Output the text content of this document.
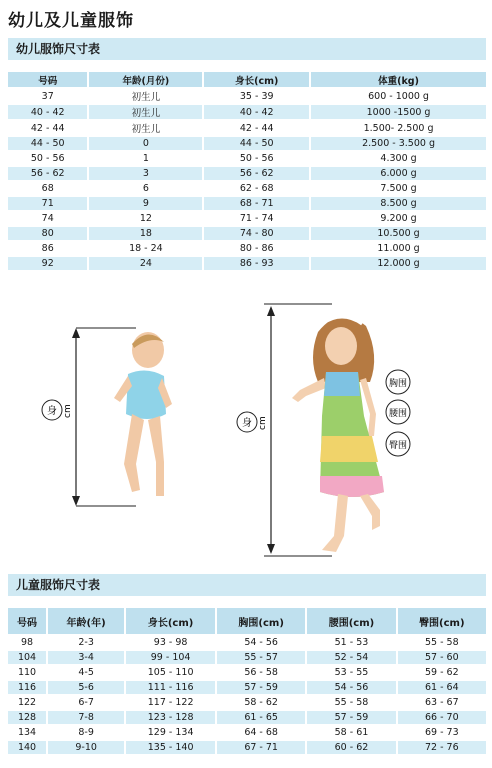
幼儿及儿童服饰
幼儿服饰尺寸表
号码	年龄(月份)	身长(cm)	体重(kg)
37	初生儿	35 - 39	600 - 1000 g
40 - 42	初生儿	40 - 42	1000 -1500 g
42 - 44	初生儿	42 - 44	1.500- 2.500 g
44 - 50	0	44 - 50	2.500 - 3.500 g
50 - 56	1	50 - 56	4.300 g
56 - 62	3	56 - 62	6.000 g
68	6	62 - 68	7.500 g
71	9	68 - 71	8.500 g
74	12	71 - 74	9.200 g
80	18	74 - 80	10.500 g
86	18 - 24	80 - 86	11.000 g
92	24	86 - 93	12.000 g
身 cm
身 cm
胸围
腰围
臀围
儿童服饰尺寸表
号码	年龄(年)	身长(cm)	胸围(cm)	腰围(cm)	臀围(cm)
98	2-3	93 - 98	54 - 56	51 - 53	55 - 58
104	3-4	99 - 104	55 - 57	52 - 54	57 - 60
110	4-5	105 - 110	56 - 58	53 - 55	59 - 62
116	5-6	111 - 116	57 - 59	54 - 56	61 - 64
122	6-7	117 - 122	58 - 62	55 - 58	63 - 67
128	7-8	123 - 128	61 - 65	57 - 59	66 - 70
134	8-9	129 - 134	64 - 68	58 - 61	69 - 73
140	9-10	135 - 140	67 - 71	60 - 62	72 - 76
